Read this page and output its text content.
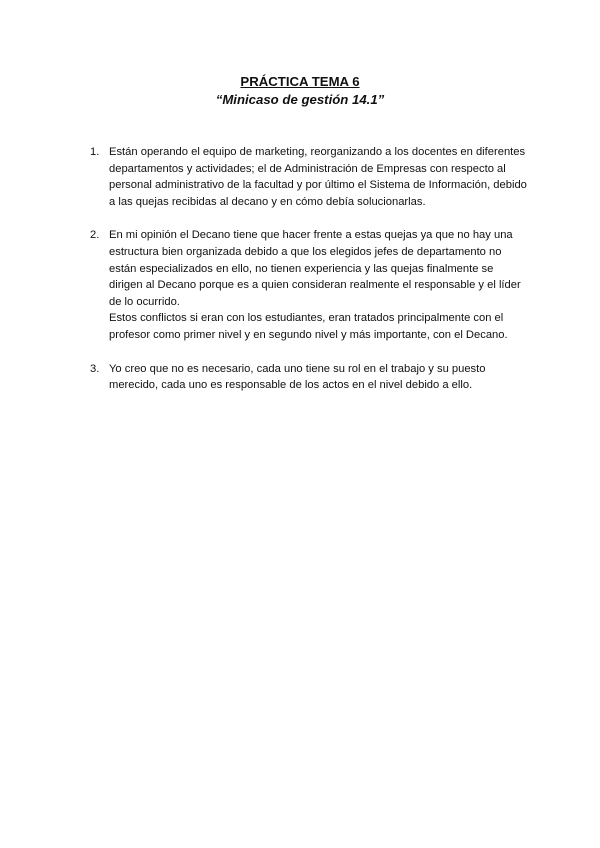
PRÁCTICA TEMA 6
“Minicaso de gestión 14.1”
1. Están operando el equipo de marketing, reorganizando a los docentes en diferentes departamentos y actividades; el de Administración de Empresas con respecto al personal administrativo de la facultad y por último el Sistema de Información, debido a las quejas recibidas al decano y en cómo debía solucionarlas.

2. En mi opinión el Decano tiene que hacer frente a estas quejas ya que no hay una estructura bien organizada debido a que los elegidos jefes de departamento no están especializados en ello, no tienen experiencia y las quejas finalmente se dirigen al Decano porque es a quien consideran realmente el responsable y el líder de lo ocurrido.

Estos conflictos si eran con los estudiantes, eran tratados principalmente con el profesor como primer nivel y en segundo nivel y más importante, con el Decano.

3. Yo creo que no es necesario, cada uno tiene su rol en el trabajo y su puesto merecido, cada uno es responsable de los actos en el nivel debido a ello.
